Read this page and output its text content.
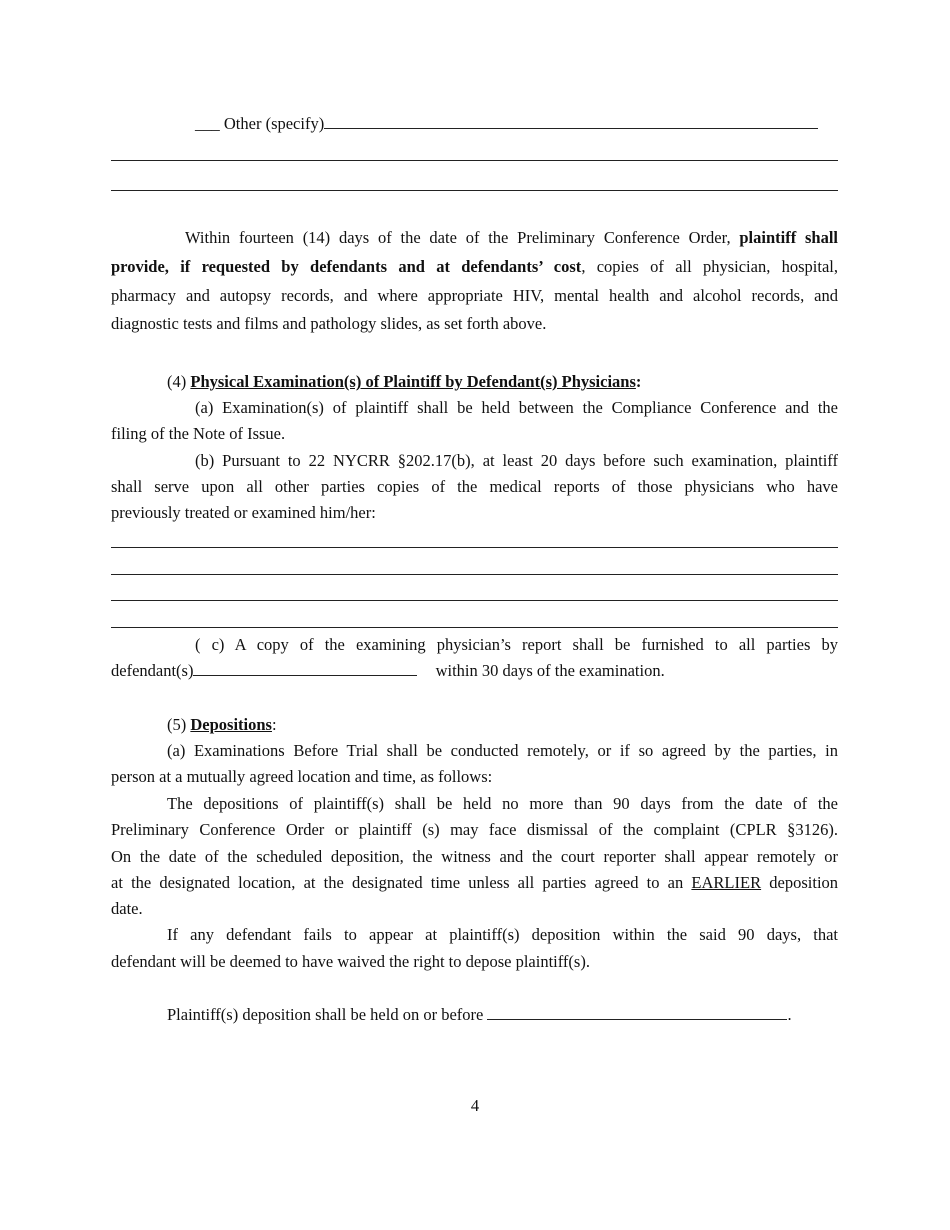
___ Other (specify)
Within fourteen (14) days of the date of the Preliminary Conference Order, plaintiff shall
provide, if requested by defendants and at defendants’ cost, copies of all physician, hospital,
pharmacy and autopsy records, and where appropriate HIV, mental health and alcohol records, and
diagnostic tests and films and pathology slides, as set forth above.
(4) Physical Examination(s) of Plaintiff by Defendant(s) Physicians:
(a) Examination(s) of plaintiff shall be held between the Compliance Conference and the
filing of the Note of Issue.
(b) Pursuant to 22 NYCRR §202.17(b), at least 20 days before such examination, plaintiff
shall serve upon all other parties copies of the medical reports of those physicians who have
previously treated or examined him/her:
( c) A copy of the examining physician’s report shall be furnished to all parties by
defendant(s)	within 30 days of the examination.
(5) Depositions:
(a) Examinations Before Trial shall be conducted remotely, or if so agreed by the parties, in
person at a mutually agreed location and time, as follows:
The depositions of plaintiff(s) shall be held no more than 90 days from the date of the
Preliminary Conference Order or plaintiff (s) may face dismissal of the complaint (CPLR §3126).
On the date of the scheduled deposition, the witness and the court reporter shall appear remotely or
at the designated location, at the designated time unless all parties agreed to an EARLIER deposition
date.
If any defendant fails to appear at plaintiff(s) deposition within the said 90 days, that
defendant will be deemed to have waived the right to depose plaintiff(s).
Plaintiff(s) deposition shall be held on or before	.
4
